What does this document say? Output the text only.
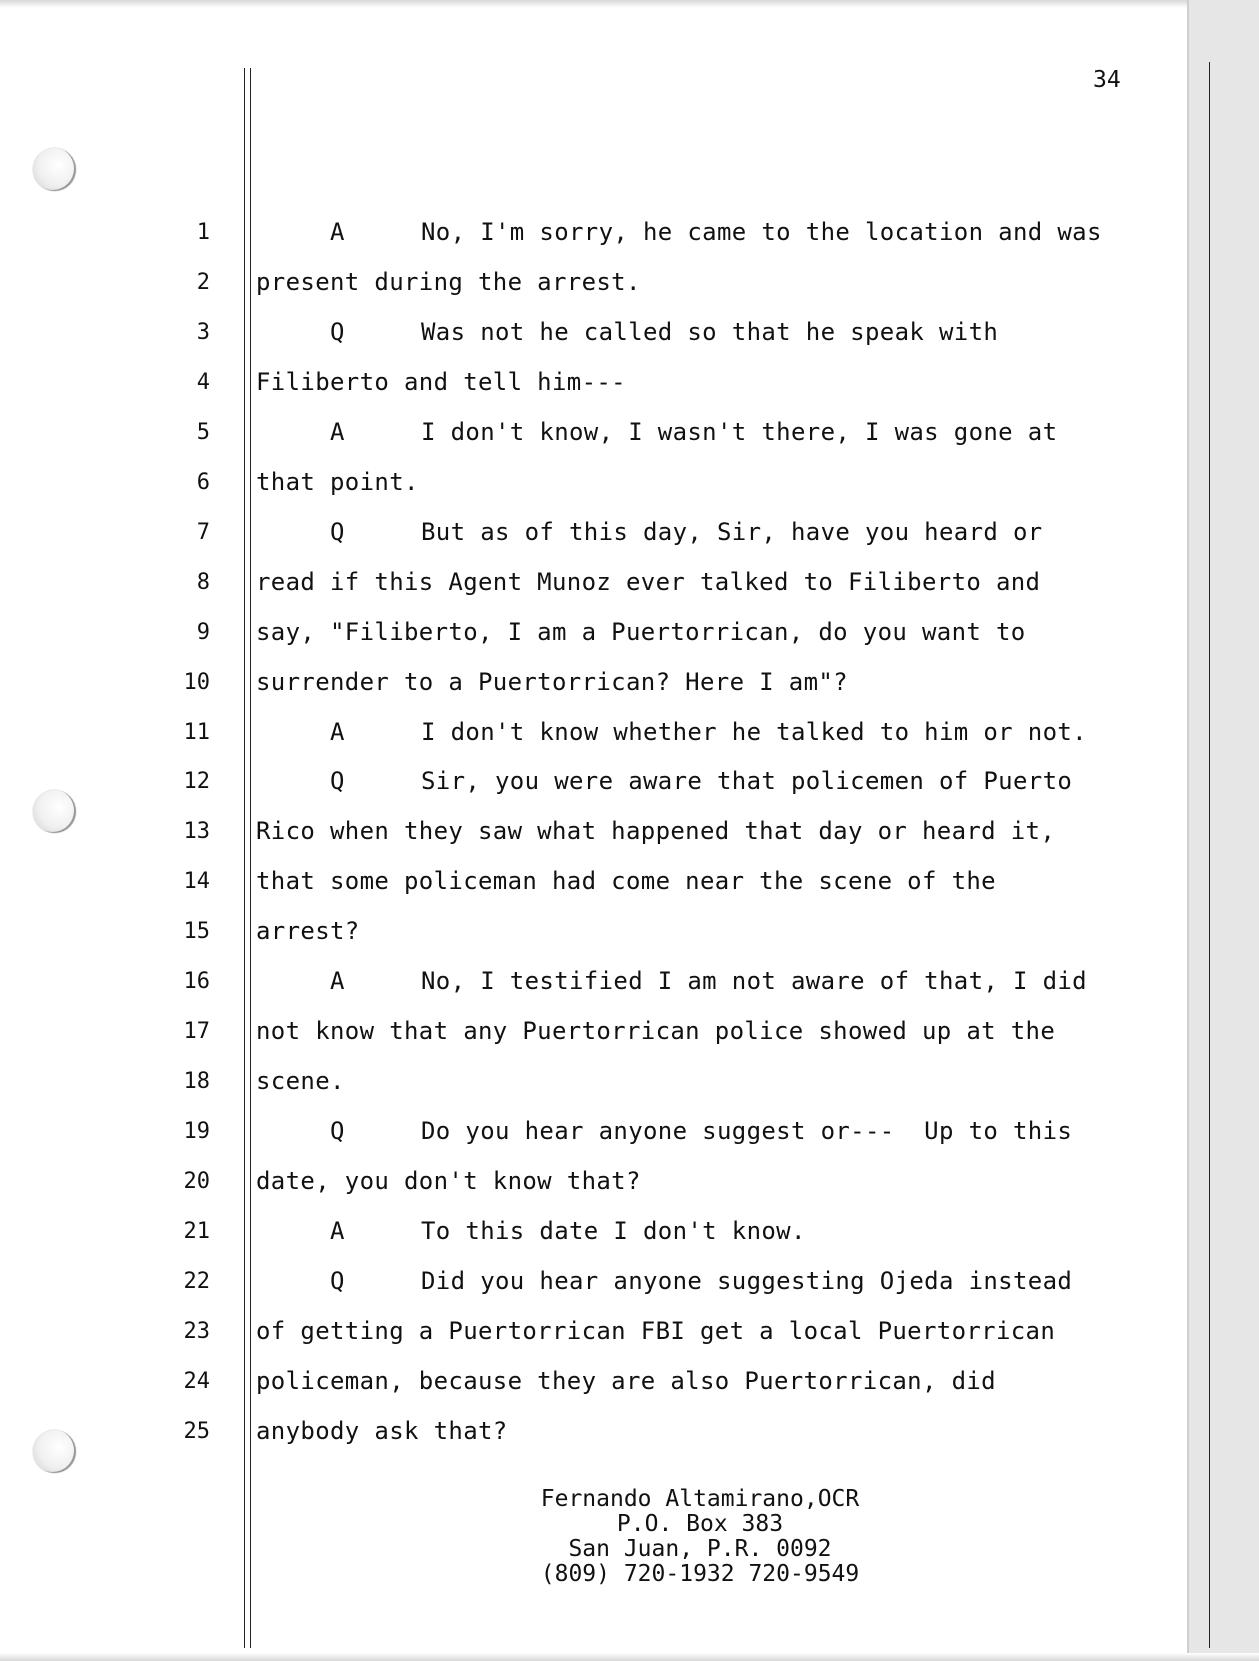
34
1	A	No, I'm sorry, he came to the location and was
2 present during the arrest.
3	Q	Was not he called so that he speak with
4 Filiberto and tell him---
5	A	I don't know, I wasn't there, I was gone at
6 that point.
7	Q	But as of this day, Sir, have you heard or
8 read if this Agent Munoz ever talked to Filiberto and
9 say, "Filiberto, I am a Puertorrican, do you want to
10 surrender to a Puertorrican? Here I am"?
11	A	I don't know whether he talked to him or not.
12	Q	Sir, you were aware that policemen of Puerto
13 Rico when they saw what happened that day or heard it,
14 that some policeman had come near the scene of the
15 arrest?
16	A	No, I testified I am not aware of that, I did
17 not know that any Puertorrican police showed up at the
18 scene.
19	Q	Do you hear anyone suggest or---  Up to this
20 date, you don't know that?
21	A	To this date I don't know.
22	Q	Did you hear anyone suggesting Ojeda instead
23 of getting a Puertorrican FBI get a local Puertorrican
24 policeman, because they are also Puertorrican, did
25 anybody ask that?
Fernando Altamirano,OCR
P.O. Box 383
San Juan, P.R. 0092
(809) 720-1932 720-9549
